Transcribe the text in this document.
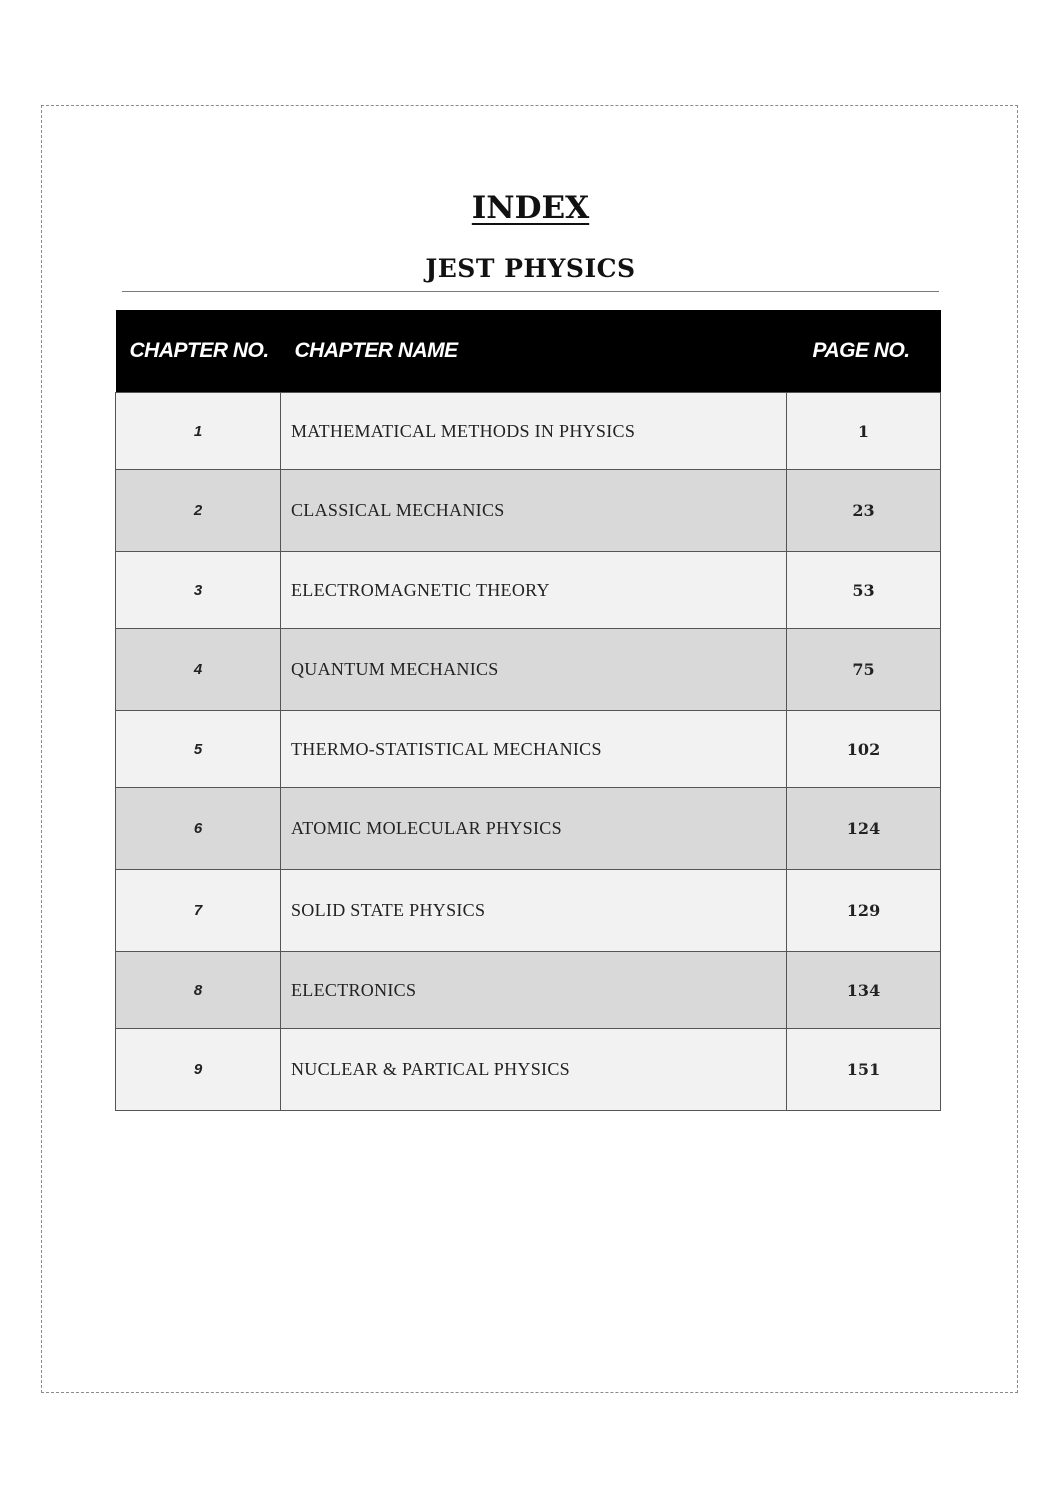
INDEX
JEST PHYSICS
CHAPTER NO.	CHAPTER NAME	PAGE NO.
1	MATHEMATICAL METHODS IN PHYSICS	1
2	CLASSICAL MECHANICS	23
3	ELECTROMAGNETIC THEORY	53
4	QUANTUM MECHANICS	75
5	THERMO-STATISTICAL MECHANICS	102
6	ATOMIC MOLECULAR PHYSICS	124
7	SOLID STATE PHYSICS	129
8	ELECTRONICS	134
9	NUCLEAR & PARTICAL PHYSICS	151
